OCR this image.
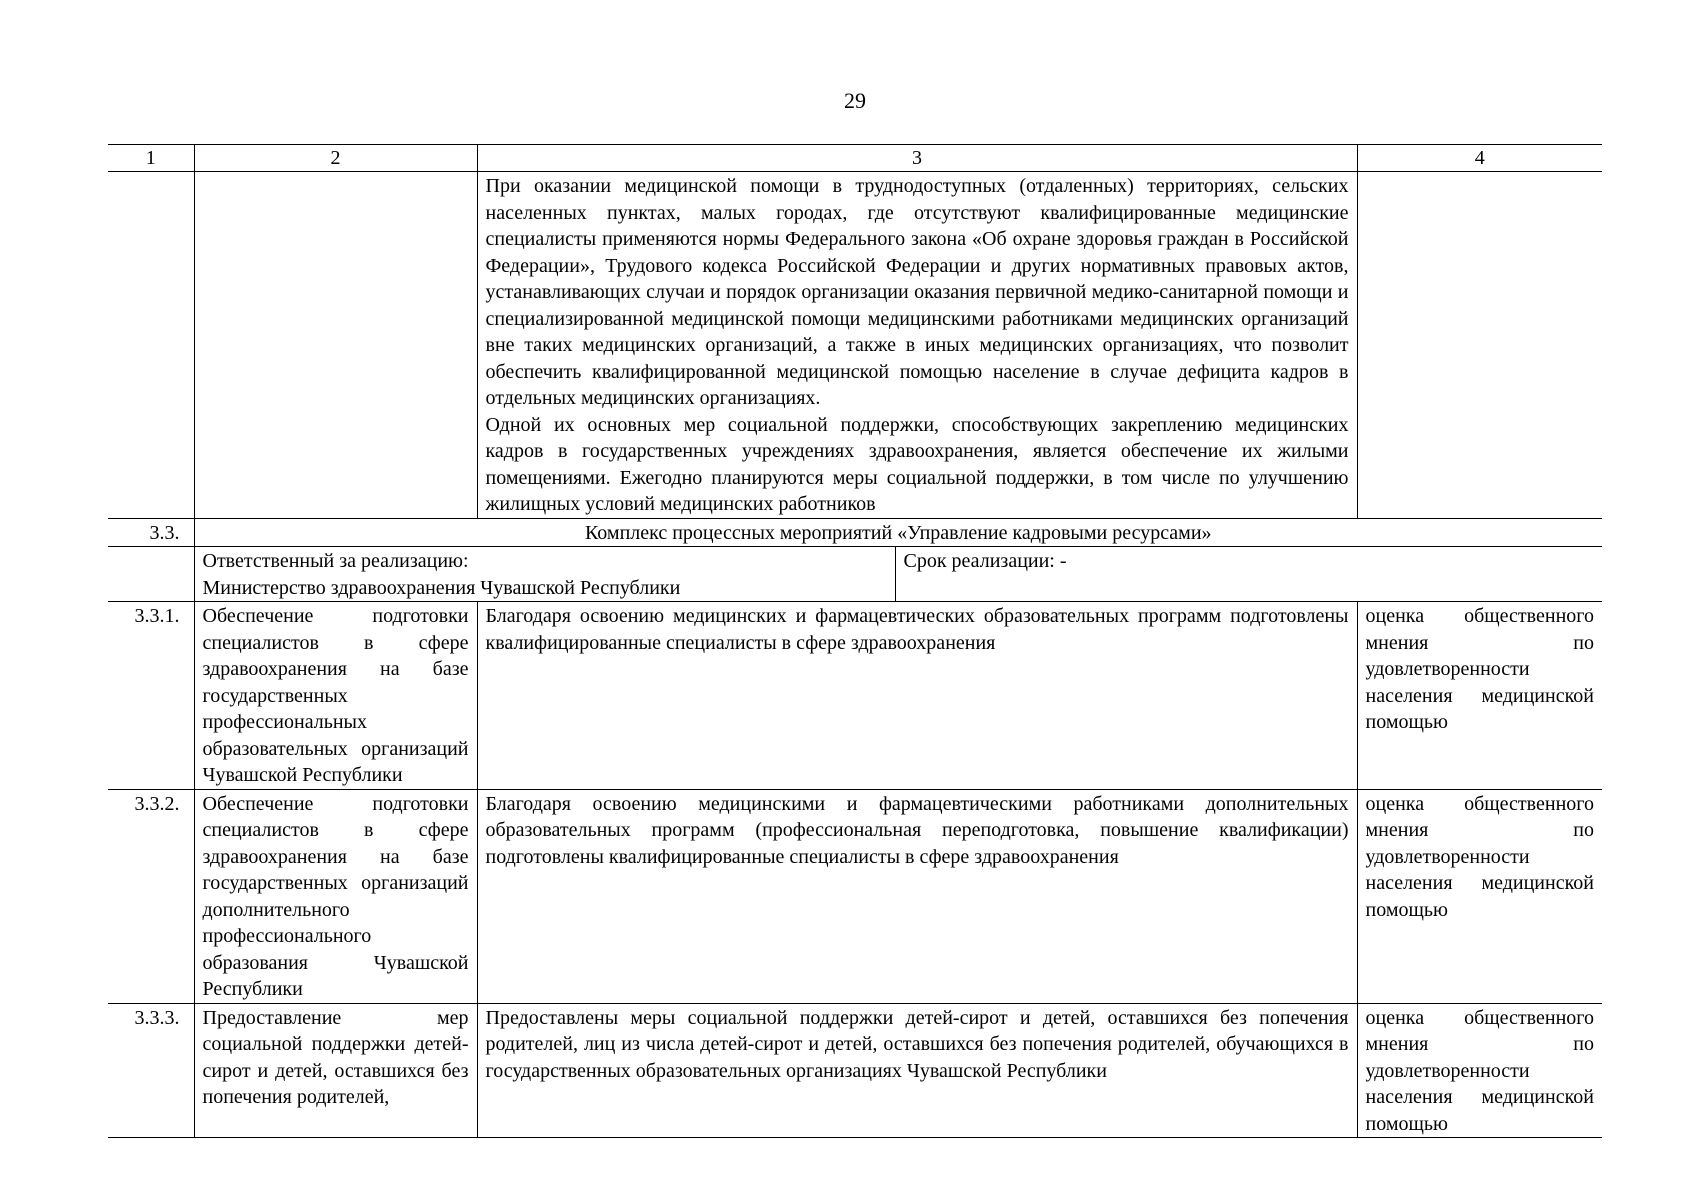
29
1	2	3		4

		При оказании медицинской помощи в труднодоступных (отдаленных) территориях, сельских населенных пунктах, малых городах, где отсутствуют квалифицированные медицинские специалисты применяются нормы Федерального закона «Об охране здоровья граждан в Российской Федерации», Трудового кодекса Российской Федерации и других нормативных правовых актов, устанавливающих случаи и порядок организации оказания первичной медико-санитарной помощи и специализированной медицинской помощи медицинскими работниками медицинских организаций вне таких медицинских организаций, а также в иных медицинских организациях, что позволит обеспечить квалифицированной медицинской помощью население в случае дефицита кадров в отдельных медицинских организациях.
Одной их основных мер социальной поддержки, способствующих закреплению медицинских кадров в государственных учреждениях здравоохранения, является обеспечение их жилыми помещениями. Ежегодно планируются меры социальной поддержки, в том числе по улучшению жилищных условий медицинских работников		

3.3.	Комплекс процессных мероприятий «Управление кадровыми ресурсами»			

	Ответственный за реализацию:
Министерство здравоохранения Чувашской Республики		Срок реализации: -	
3.3.1.	Обеспечение подготовки специалистов в сфере здравоохранения на базе государственных профессиональных образовательных организаций Чувашской Республики	Благодаря освоению медицинских и фармацевтических образовательных программ подготовлены квалифицированные специалисты в сфере здравоохранения		оценка общественного мнения по удовлетворенности населения медицинской помощью
3.3.2.	Обеспечение подготовки специалистов в сфере здравоохранения на базе государственных организаций дополнительного профессионального образования Чувашской Республики	Благодаря освоению медицинскими и фармацевтическими работниками дополнительных образовательных программ (профессиональная переподготовка, повышение квалификации) подготовлены квалифицированные специалисты в сфере здравоохранения		оценка общественного мнения по удовлетворенности населения медицинской помощью
3.3.3.	Предоставление мер социальной поддержки детей-сирот и детей, оставшихся без попечения родителей,	Предоставлены меры социальной поддержки детей-сирот и детей, оставшихся без попечения родителей, лиц из числа детей-сирот и детей, оставшихся без попечения родителей, обучающихся в государственных образовательных организациях Чувашской Республики		оценка общественного мнения по удовлетворенности населения медицинской помощью
